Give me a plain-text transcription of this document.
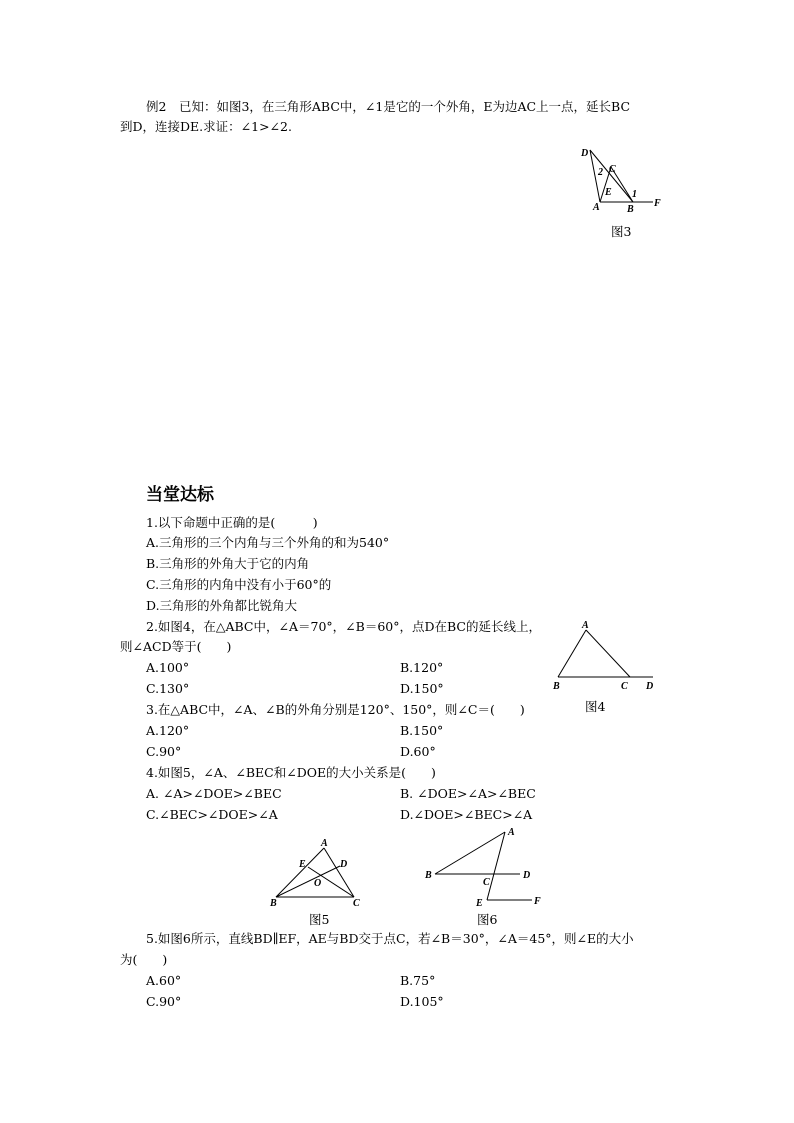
例2　已知：如图3，在三角形ABC中，∠1是它的一个外角，E为边AC上一点，延长BC
到D，连接DE.求证：∠1>∠2.
D
C
2
E 1
A	B
F
图3
当堂达标
1.以下命题中正确的是(　　　)
A.三角形的三个内角与三个外角的和为540°
B.三角形的外角大于它的内角
C.三角形的内角中没有小于60°的
D.三角形的外角都比锐角大
2.如图4，在△ABC中，∠A＝70°，∠B＝60°，点D在BC的延长线上，
则∠ACD等于(　　)
A.100°	B.120°
C.130°	D.150°
A
B	C D
图4
3.在△ABC中，∠A、∠B的外角分别是120°、150°，则∠C＝(　　)
A.120°	B.150°
C.90°	D.60°
4.如图5，∠A、∠BEC和∠DOE的大小关系是(　　)
A. ∠A>∠DOE>∠BEC	B. ∠DOE>∠A>∠BEC
C.∠BEC>∠DOE>∠A	D.∠DOE>∠BEC>∠A
A
E	D
O
B	C
图5
A
B
C
D
E	F
图6
5.如图6所示，直线BD∥EF，AE与BD交于点C，若∠B＝30°，∠A＝45°，则∠E的大小
为(　　)
A.60°	B.75°
C.90°	D.105°
